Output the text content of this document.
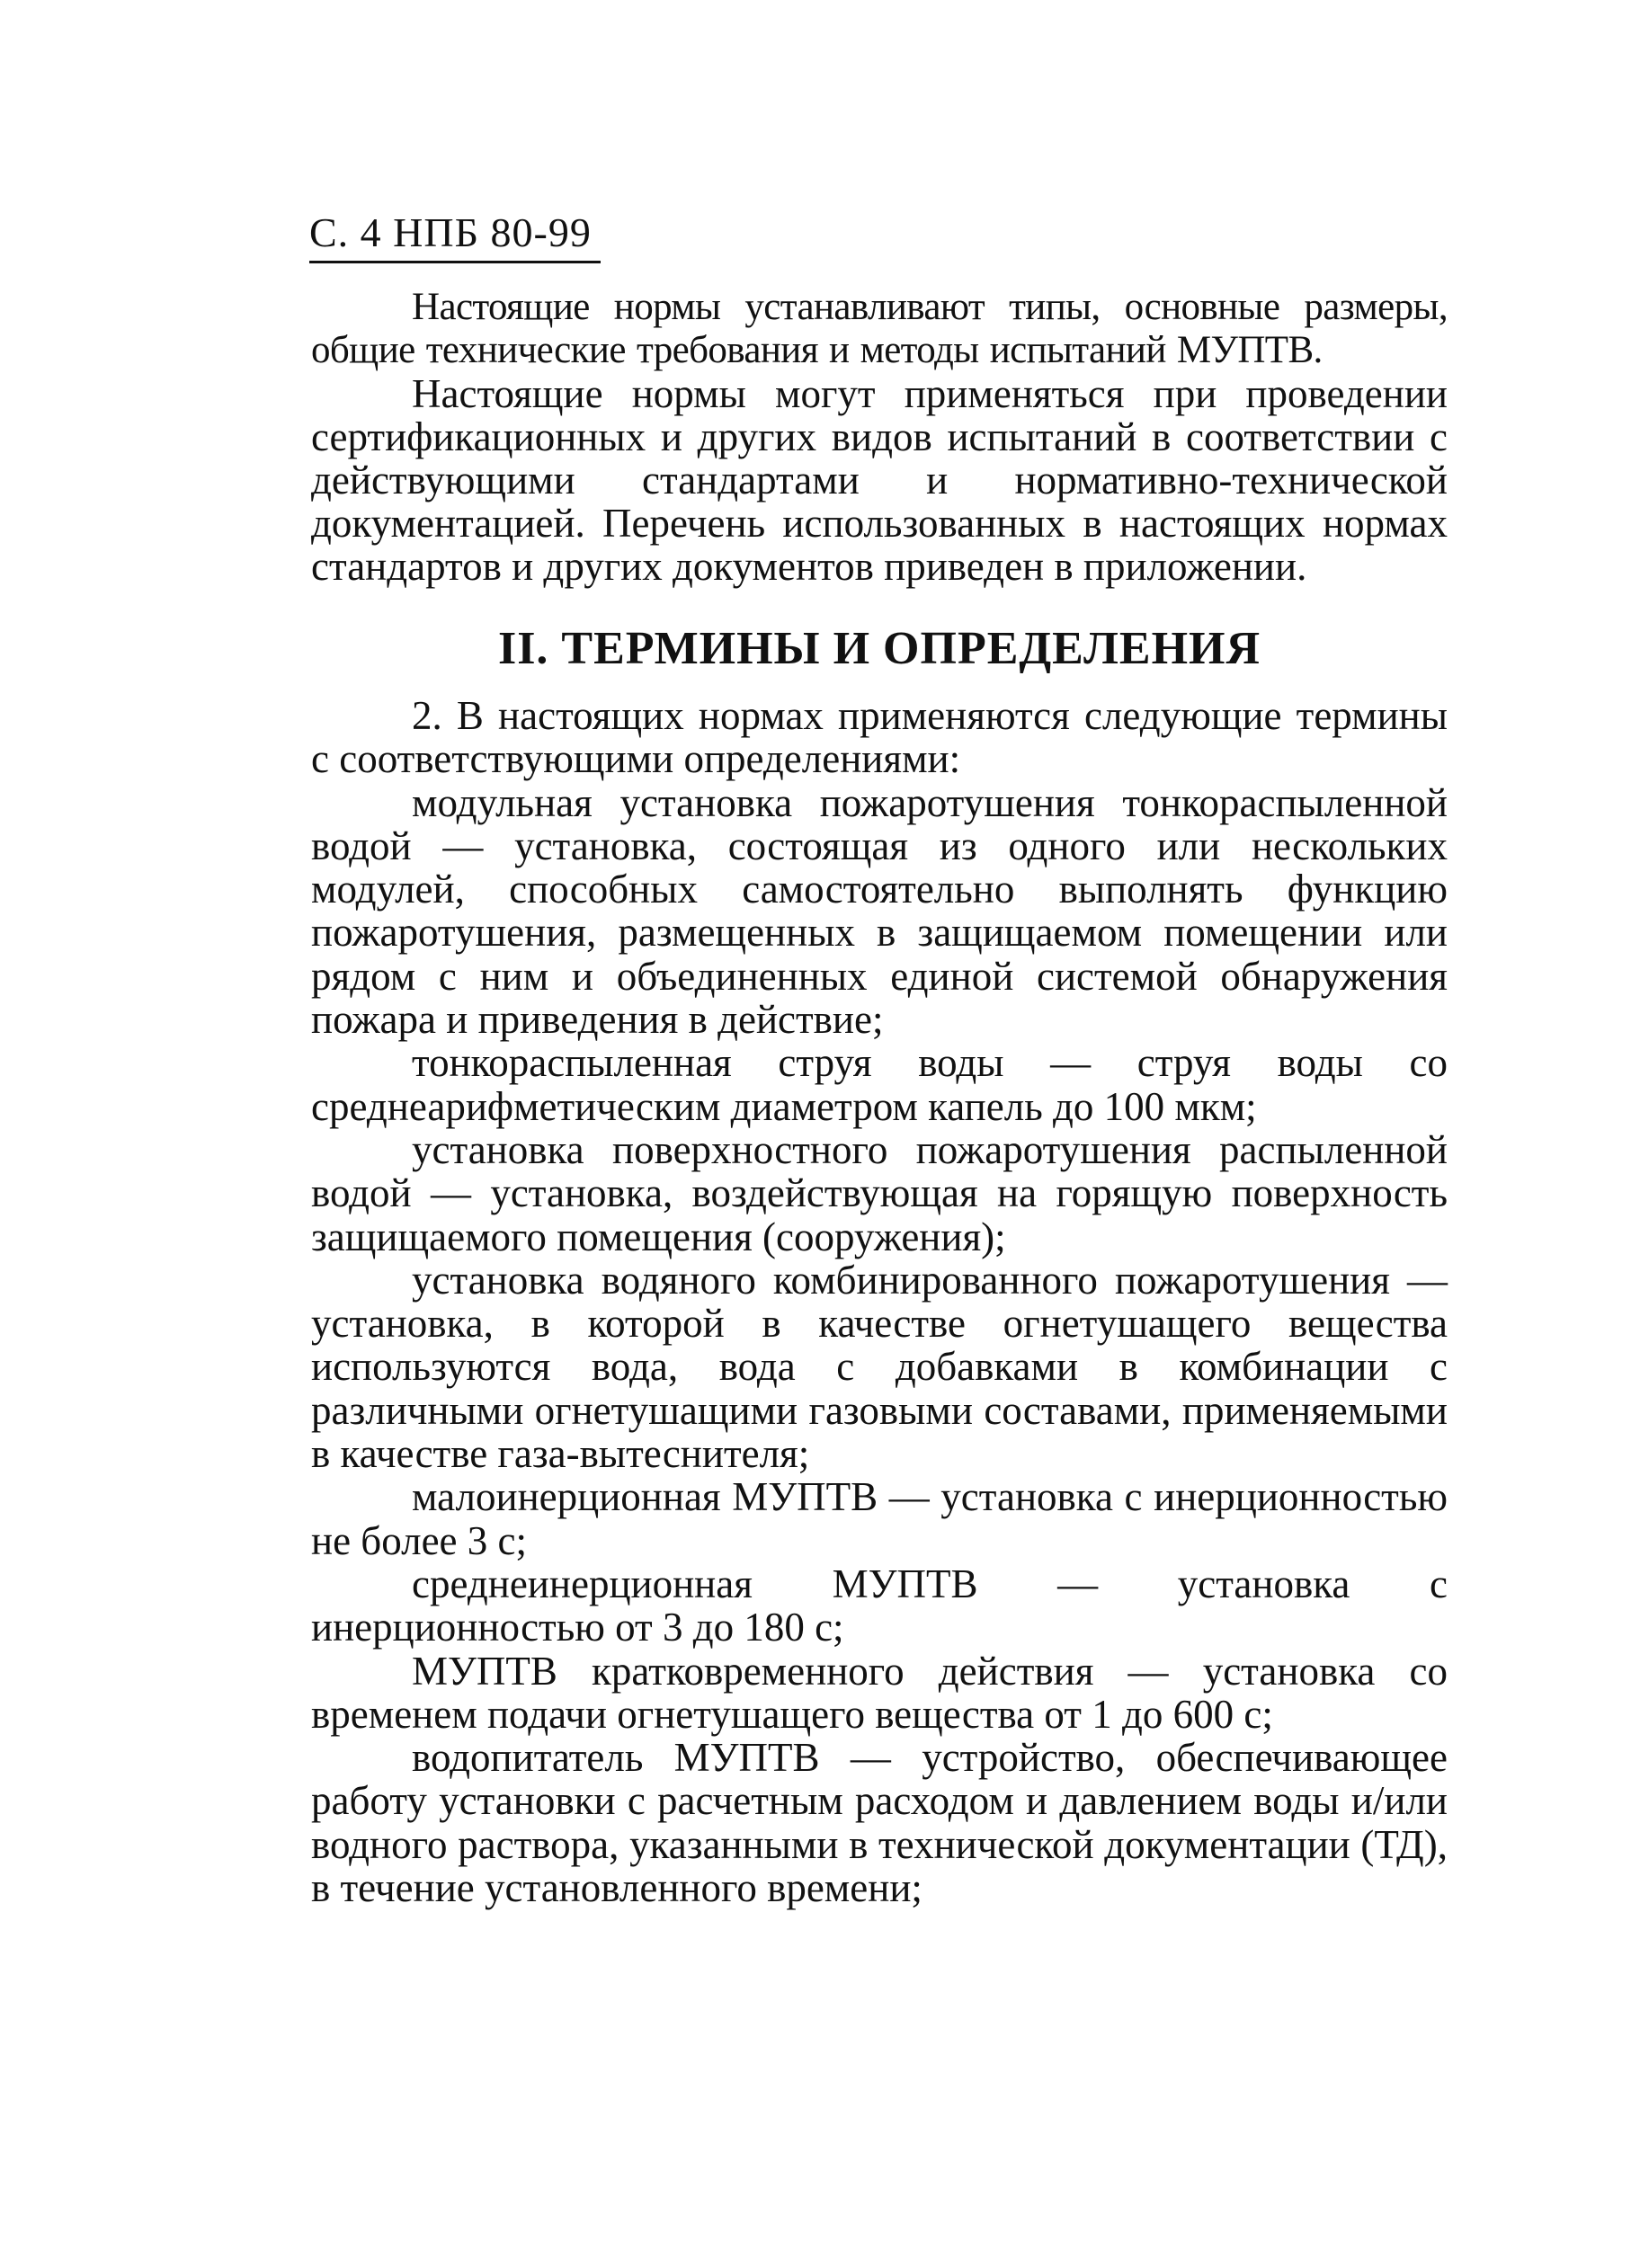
С. 4 НПБ 80-99

Настоящие нормы устанавливают типы, основные размеры, общие технические требования и методы испытаний МУПТВ.

Настоящие нормы могут применяться при проведении сертификационных и других видов испытаний в соответствии с действующими стандартами и нормативно-технической документацией. Перечень использованных в настоящих нормах стандартов и других документов приведен в приложении.

II. ТЕРМИНЫ И ОПРЕДЕЛЕНИЯ

2. В настоящих нормах применяются следующие термины с соответствующими определениями:

модульная установка пожаротушения тонкораспыленной водой — установка, состоящая из одного или нескольких модулей, способных самостоятельно выполнять функцию пожаротушения, размещенных в защищаемом помещении или рядом с ним и объединенных единой системой обнаружения пожара и приведения в действие;

тонкораспыленная струя воды — струя воды со среднеарифметическим диаметром капель до 100 мкм;

установка поверхностного пожаротушения распыленной водой — установка, воздействующая на горящую поверхность защищаемого помещения (сооружения);

установка водяного комбинированного пожаротушения — установка, в которой в качестве огнетушащего вещества используются вода, вода с добавками в комбинации с различными огнетушащими газовыми составами, применяемыми в качестве газа-вытеснителя;

малоинерционная МУПТВ — установка с инерционностью не более 3 с;

среднеинерционная МУПТВ — установка с инерционностью от 3 до 180 с;

МУПТВ кратковременного действия — установка со временем подачи огнетушащего вещества от 1 до 600 с;

водопитатель МУПТВ — устройство, обеспечивающее работу установки с расчетным расходом и давлением воды и/или водного раствора, указанными в технической документации (ТД), в течение установленного времени;
